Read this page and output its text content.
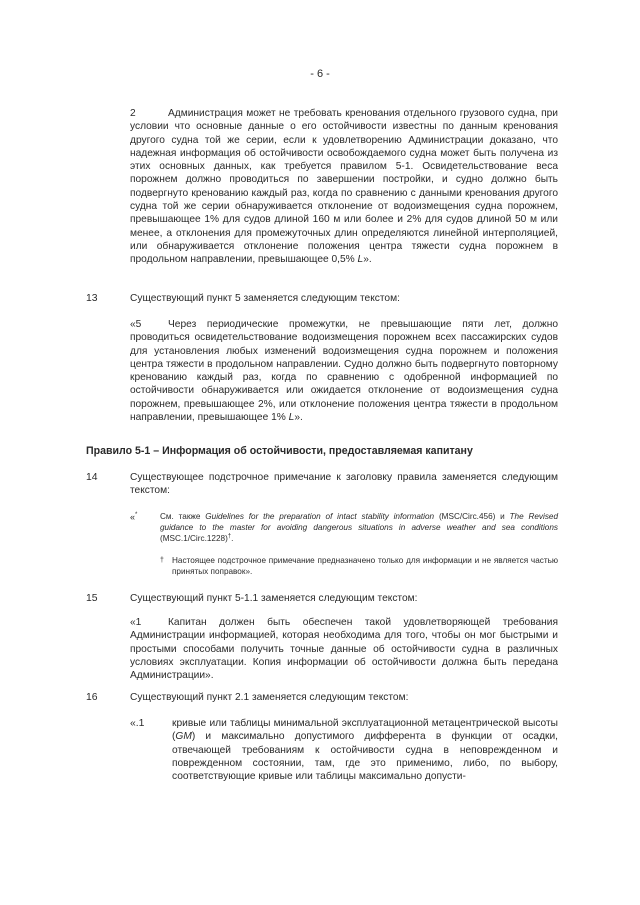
- 6 -
2	Администрация может не требовать кренования отдельного грузового судна, при условии что основные данные о его остойчивости известны по данным кренования другого судна той же серии, если к удовлетворению Администрации доказано, что надежная информация об остойчивости освобождаемого судна может быть получена из этих основных данных, как требуется правилом 5-1. Освидетельствование веса порожнем должно проводиться по завершении постройки, и судно должно быть подвергнуто кренованию каждый раз, когда по сравнению с данными кренования другого судна той же серии обнаруживается отклонение от водоизмещения судна порожнем, превышающее 1% для судов длиной 160 м или более и 2% для судов длиной 50 м или менее, а отклонения для промежуточных длин определяются линейной интерполяцией, или обнаруживается отклонение положения центра тяжести судна порожнем в продольном направлении, превышающее 0,5% L».
13	Существующий пункт 5 заменяется следующим текстом:
«5	Через периодические промежутки, не превышающие пяти лет, должно проводиться освидетельствование водоизмещения порожнем всех пассажирских судов для установления любых изменений водоизмещения судна порожнем и положения центра тяжести в продольном направлении. Судно должно быть подвергнуто повторному кренованию каждый раз, когда по сравнению с одобренной информацией по остойчивости обнаруживается или ожидается отклонение от водоизмещения судна порожнем, превышающее 2%, или отклонение положения центра тяжести в продольном направлении, превышающее 1% L».
Правило 5-1 – Информация об остойчивости, предоставляемая капитану
14	Существующее подстрочное примечание к заголовку правила заменяется следующим текстом:
«*	См. также Guidelines for the preparation of intact stability information (MSC/Circ.456) и The Revised guidance to the master for avoiding dangerous situations in adverse weather and sea conditions (MSC.1/Circ.1228)†.
† Настоящее подстрочное примечание предназначено только для информации и не является частью принятых поправок».
15	Существующий пункт 5-1.1 заменяется следующим текстом:
«1	Капитан должен быть обеспечен такой удовлетворяющей требования Администрации информацией, которая необходима для того, чтобы он мог быстрыми и простыми способами получить точные данные об остойчивости судна в различных условиях эксплуатации. Копия информации об остойчивости должна быть передана Администрации».
16	Существующий пункт 2.1 заменяется следующим текстом:
«.1	кривые или таблицы минимальной эксплуатационной метацентрической высоты (GM) и максимально допустимого дифферента в функции от осадки, отвечающей требованиям к остойчивости судна в неповрежденном и поврежденном состоянии, там, где это применимо, либо, по выбору, соответствующие кривые или таблицы максимально допусти-
